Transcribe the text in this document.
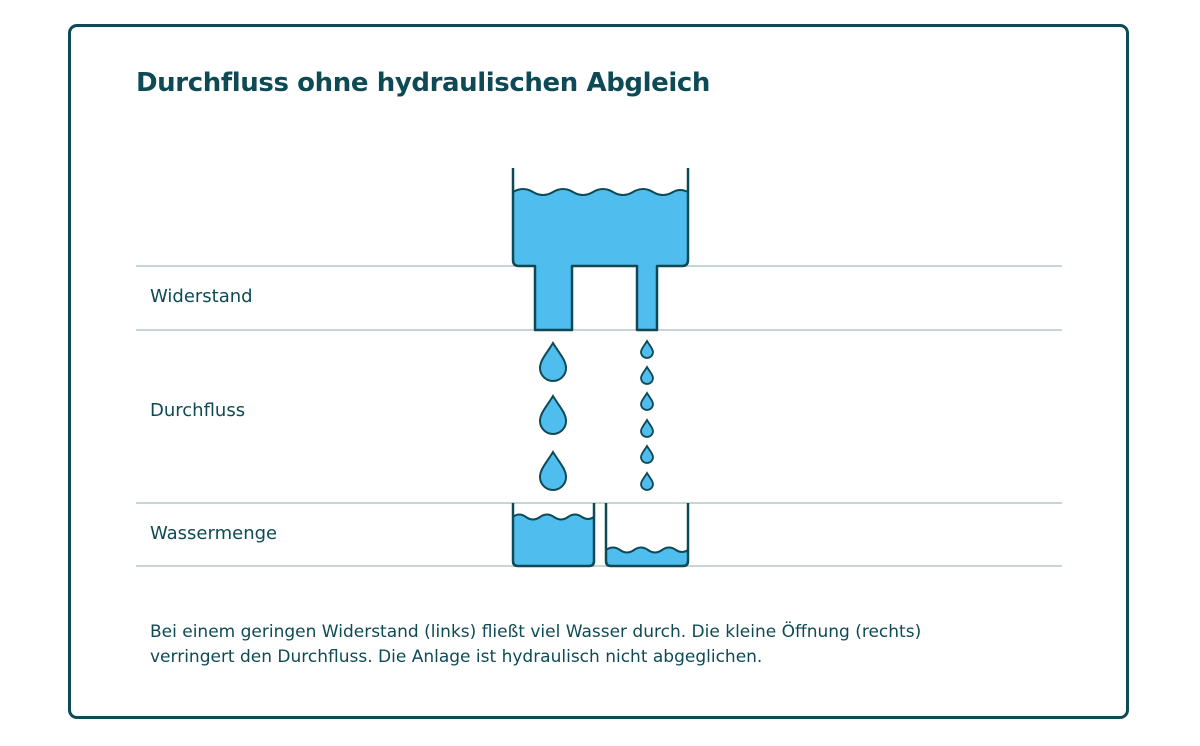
Durchfluss ohne hydraulischen Abgleich

Widerstand

Durchfluss

Wassermenge

Bei einem geringen Widerstand (links) fließt viel Wasser durch. Die kleine Öffnung (rechts)
verringert den Durchfluss. Die Anlage ist hydraulisch nicht abgeglichen.
